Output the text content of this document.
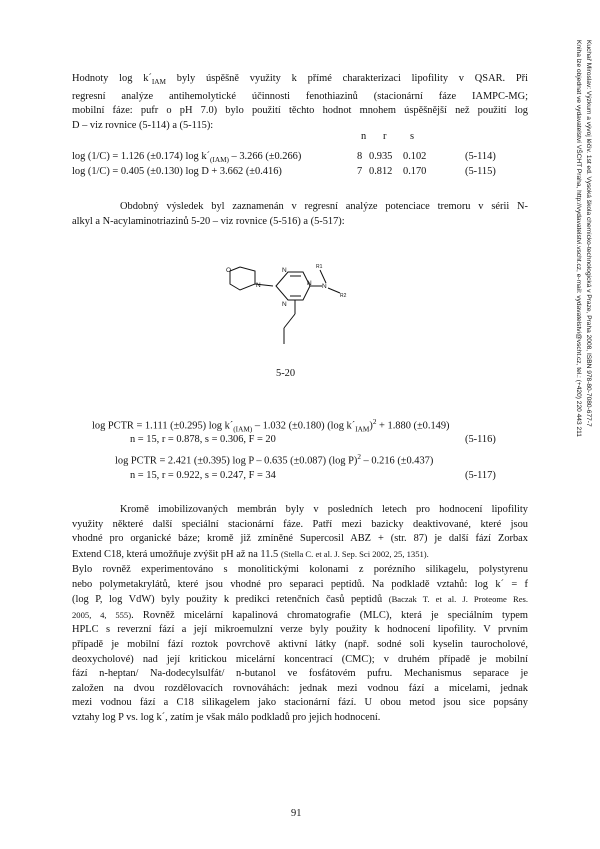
Hodnoty $\log k´_{IAM}$ byly úspěšně využity k přímé charakterizaci lipofility v QSAR. Při
regresní analýze antihemolytické účinnosti fenothiazinů (stacionární fáze IAMPC-MG;
mobilní fáze: pufr o pH 7.0) bylo použití těchto hodnot mnohem úspěšnější než použití log
D – viz rovnice (5-114) a (5-115):
n r s
log (1/C) = 1.126 (±0.174) $\log k´_{(IAM)} - 3.266$ (±0.266)	8 0.935 0.102	(5-114)
log (1/C) = 0.405 (±0.130) log D + 3.662 (±0.416)	7 0.812 0.170	(5-115)
Obdobný výsledek byl zaznamenán v regresní analýze potenciace tremoru v sérii N-
alkyl a N-acylaminotriazinů 5-20 – viz rovnice (5-516) a (5-517):
O
N
N
N
N
N
R1
R2
5-20
log PCTR = 1.111 (±0.295) $\log k´_{(IAM)} - 1.032$ (±0.180) (log $k´_{IAM})^2 + 1.880$ (±0.149)
n = 15, r = 0.878, s = 0.306, F = 20	(5-116)
log PCTR = 2.421 (±0.395) log P – 0.635 (±0.087) (log P)$^2$ – 0.216 (±0.437)
n = 15, r = 0.922, s = 0.247, F = 34	(5-117)
Kromě imobilizovaných membrán byly v posledních letech pro hodnocení lipofility
využity některé další speciální stacionární fáze. Patří mezi bazicky deaktivované, které jsou
vhodné pro organické báze; kromě již zmíněné Supercosil ABZ + (str. 87) je další fází Zorbax
Extend C18, která umožňuje zvýšit pH až na 11.5 (Stella C. et al. J. Sep. Sci 2002, 25, 1351).
Bylo rovněž experimentováno s monolitickými kolonami z porézního silikagelu, polystyrenu
nebo polymetakrylátů, které jsou vhodné pro separaci peptidů. Na podkladě vztahů: log k´ = f
(log P, log VdW) byly použity k predikci retenčních časů peptidů (Baczak T. et al. J. Proteome Res.
2005, 4, 555). Rovněž micelární kapalinová chromatografie (MLC), která je speciálním typem
HPLC s reverzní fází a její mikroemulzní verze byly použity k hodnocení lipofility. V prvním
případě je mobilní fází roztok povrchově aktivní látky (např. sodné soli kyselin taurocholové,
deoxycholové) nad její kritickou micelární koncentrací (CMC); v druhém případě je mobilní
fází n-heptan/ Na-dodecylsulfát/ n-butanol ve fosfátovém pufru. Mechanismus separace je
založen na dvou rozdělovacích rovnováhách: jednak mezi vodnou fází a micelami, jednak
mezi vodnou fází a C18 silikagelem jako stacionární fází. U obou metod jsou sice popsány
vztahy log P vs. log k´, zatím je však málo podkladů pro jejich hodnocení.
Kuchař Miroslav: Výzkum a vývoj léčiv. 1st ed. Vysoká škola chemicko-technologická v Praze, Praha 2008, ISBN 978-80-7080-677-7
Kniha lze objednat ve vydavatelství VŠCHT Praha, http://vydavatelstvi.vscht.cz, e-mail: vydavatelstvi@vscht.cz, tel.: (+420) 220 443 211
91
